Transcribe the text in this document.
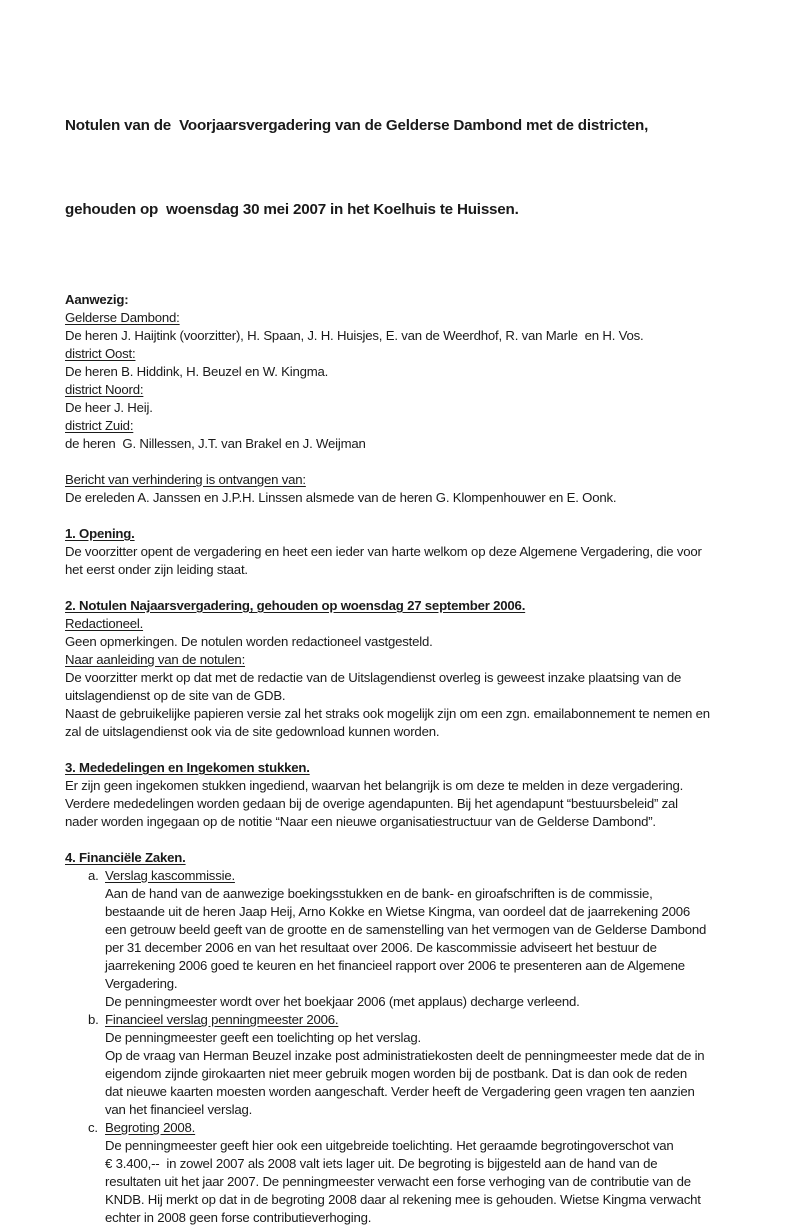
Notulen van de  Voorjaarsvergadering van de Gelderse Dambond met de districten,

gehouden op  woensdag 30 mei 2007 in het Koelhuis te Huissen.

Aanwezig:
Gelderse Dambond:
De heren J. Haijtink (voorzitter), H. Spaan, J. H. Huisjes, E. van de Weerdhof, R. van Marle  en H. Vos.
district Oost:
De heren B. Hiddink, H. Beuzel en W. Kingma.
district Noord:
De heer J. Heij.
district Zuid:
de heren  G. Nillessen, J.T. van Brakel en J. Weijman
Bericht van verhindering is ontvangen van:
De ereleden A. Janssen en J.P.H. Linssen alsmede van de heren G. Klompenhouwer en E. Oonk.
1. Opening.
De voorzitter opent de vergadering en heet een ieder van harte welkom op deze Algemene Vergadering, die voor
het eerst onder zijn leiding staat.
2. Notulen Najaarsvergadering, gehouden op woensdag 27 september 2006.
Redactioneel.
Geen opmerkingen. De notulen worden redactioneel vastgesteld.
Naar aanleiding van de notulen:
De voorzitter merkt op dat met de redactie van de Uitslagendienst overleg is geweest inzake plaatsing van de
uitslagendienst op de site van de GDB.
Naast de gebruikelijke papieren versie zal het straks ook mogelijk zijn om een zgn. emailabonnement te nemen en
zal de uitslagendienst ook via de site gedownload kunnen worden.
3. Mededelingen en Ingekomen stukken.
Er zijn geen ingekomen stukken ingediend, waarvan het belangrijk is om deze te melden in deze vergadering.
Verdere mededelingen worden gedaan bij de overige agendapunten. Bij het agendapunt “bestuursbeleid” zal
nader worden ingegaan op de notitie “Naar een nieuwe organisatiestructuur van de Gelderse Dambond”.
4. Financiële Zaken.
a. Verslag kascommissie.
Aan de hand van de aanwezige boekingsstukken en de bank- en giroafschriften is de commissie,
bestaande uit de heren Jaap Heij, Arno Kokke en Wietse Kingma, van oordeel dat de jaarrekening 2006
een getrouw beeld geeft van de grootte en de samenstelling van het vermogen van de Gelderse Dambond
per 31 december 2006 en van het resultaat over 2006. De kascommissie adviseert het bestuur de
jaarrekening 2006 goed te keuren en het financieel rapport over 2006 te presenteren aan de Algemene
Vergadering.
De penningmeester wordt over het boekjaar 2006 (met applaus) decharge verleend.
b. Financieel verslag penningmeester 2006.
De penningmeester geeft een toelichting op het verslag.
Op de vraag van Herman Beuzel inzake post administratiekosten deelt de penningmeester mede dat de in
eigendom zijnde girokaarten niet meer gebruik mogen worden bij de postbank. Dat is dan ook de reden
dat nieuwe kaarten moesten worden aangeschaft. Verder heeft de Vergadering geen vragen ten aanzien
van het financieel verslag.
c. Begroting 2008.
De penningmeester geeft hier ook een uitgebreide toelichting. Het geraamde begrotingoverschot van
€ 3.400,--  in zowel 2007 als 2008 valt iets lager uit. De begroting is bijgesteld aan de hand van de
resultaten uit het jaar 2007. De penningmeester verwacht een forse verhoging van de contributie van de
KNDB. Hij merkt op dat in de begroting 2008 daar al rekening mee is gehouden. Wietse Kingma verwacht
echter in 2008 geen forse contributieverhoging.
